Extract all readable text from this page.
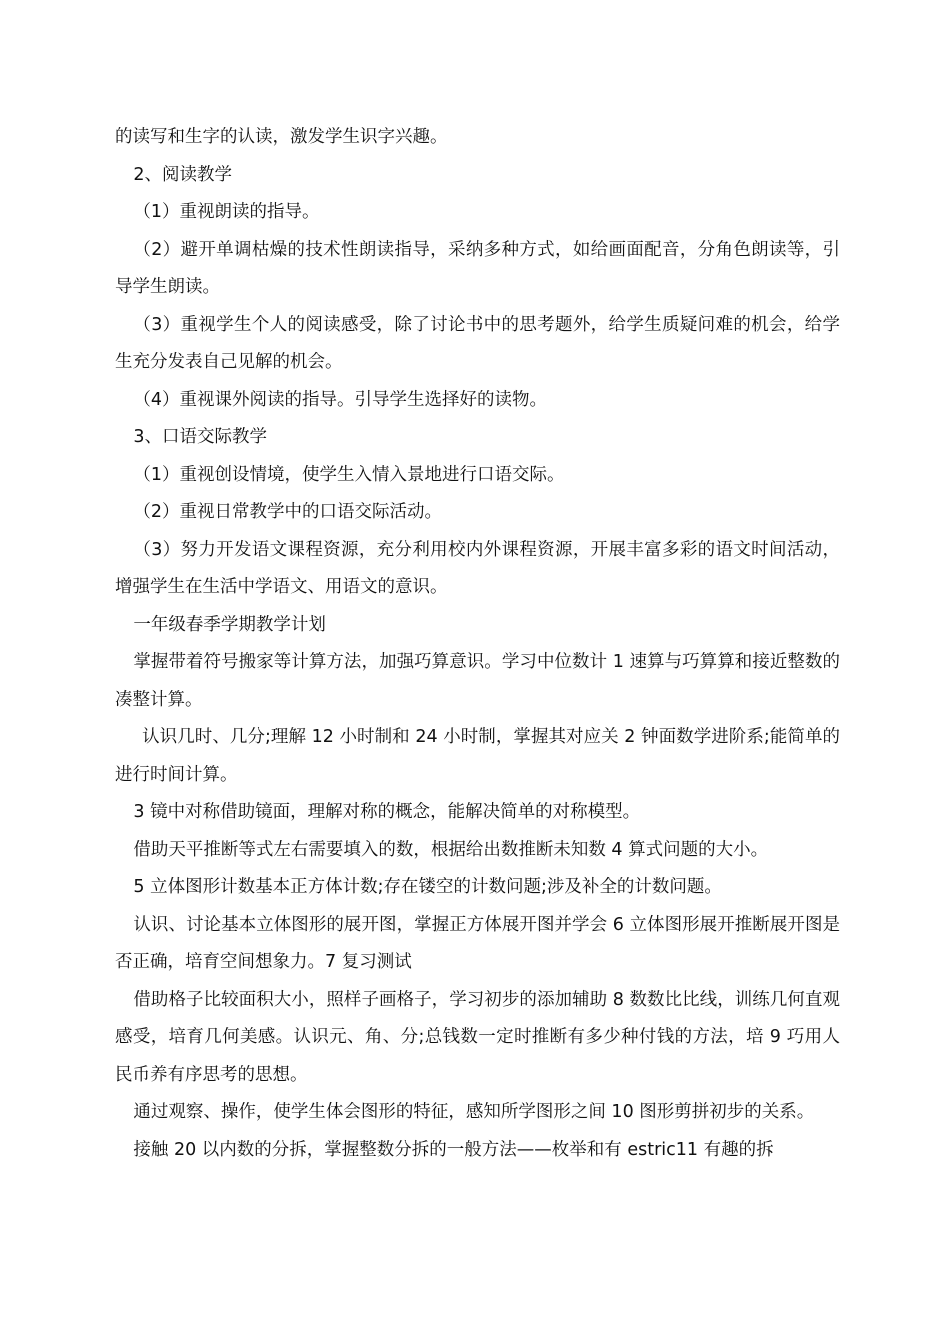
的读写和生字的认读，激发学生识字兴趣。

2、阅读教学

（1）重视朗读的指导。

（2）避开单调枯燥的技术性朗读指导，采纳多种方式，如给画面配音，分角色朗读等，引导学生朗读。

（3）重视学生个人的阅读感受，除了讨论书中的思考题外，给学生质疑问难的机会，给学生充分发表自己见解的机会。

（4）重视课外阅读的指导。引导学生选择好的读物。

3、口语交际教学

（1）重视创设情境，使学生入情入景地进行口语交际。

（2）重视日常教学中的口语交际活动。

（3）努力开发语文课程资源，充分利用校内外课程资源，开展丰富多彩的语文时间活动，增强学生在生活中学语文、用语文的意识。

一年级春季学期教学计划

掌握带着符号搬家等计算方法，加强巧算意识。学习中位数计 1 速算与巧算算和接近整数的凑整计算。

认识几时、几分;理解 12 小时制和 24 小时制，掌握其对应关 2 钟面数学进阶系;能简单的进行时间计算。

3 镜中对称借助镜面，理解对称的概念，能解决简单的对称模型。

借助天平推断等式左右需要填入的数，根据给出数推断未知数 4 算式问题的大小。

5 立体图形计数基本正方体计数;存在镂空的计数问题;涉及补全的计数问题。

认识、讨论基本立体图形的展开图，掌握正方体展开图并学会 6 立体图形展开推断展开图是否正确，培育空间想象力。7 复习测试

借助格子比较面积大小，照样子画格子，学习初步的添加辅助 8 数数比比线，训练几何直观感受，培育几何美感。认识元、角、分;总钱数一定时推断有多少种付钱的方法，培 9 巧用人民币养有序思考的思想。

通过观察、操作，使学生体会图形的特征，感知所学图形之间 10 图形剪拼初步的关系。

接触 20 以内数的分拆，掌握整数分拆的一般方法——枚举和有 estric11 有趣的拆
